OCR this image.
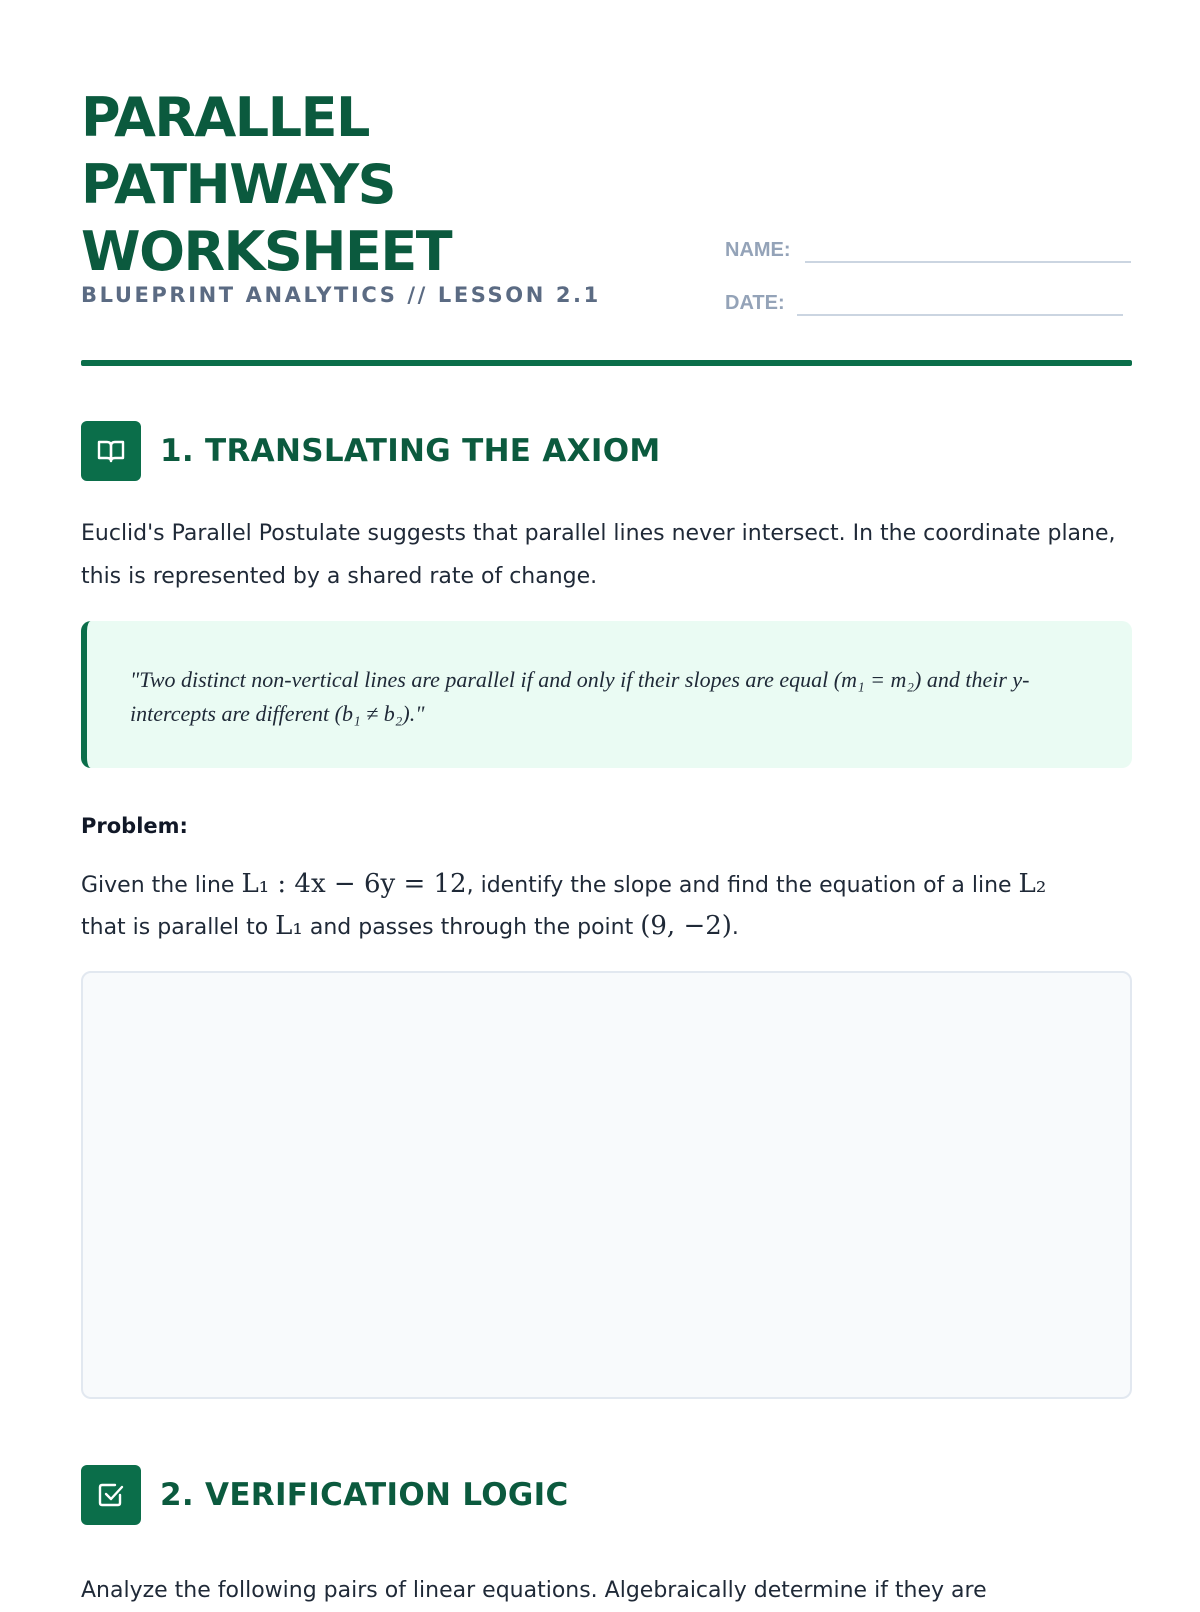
PARALLEL
PATHWAYS
WORKSHEET
BLUEPRINT ANALYTICS // LESSON 2.1
NAME:
DATE:
1. TRANSLATING THE AXIOM

Euclid's Parallel Postulate suggests that parallel lines never intersect. In the coordinate plane, this is represented by a shared rate of change.

"Two distinct non-vertical lines are parallel if and only if their slopes are equal (m₁ = m₂) and their y-intercepts are different (b₁ ≠ b₂)."
Problem:

Given the line L₁ : 4x − 6y = 12, identify the slope and find the equation of a line L₂
that is parallel to L₁ and passes through the point (9, −2).

2. VERIFICATION LOGIC

Analyze the following pairs of linear equations. Algebraically determine if they are
